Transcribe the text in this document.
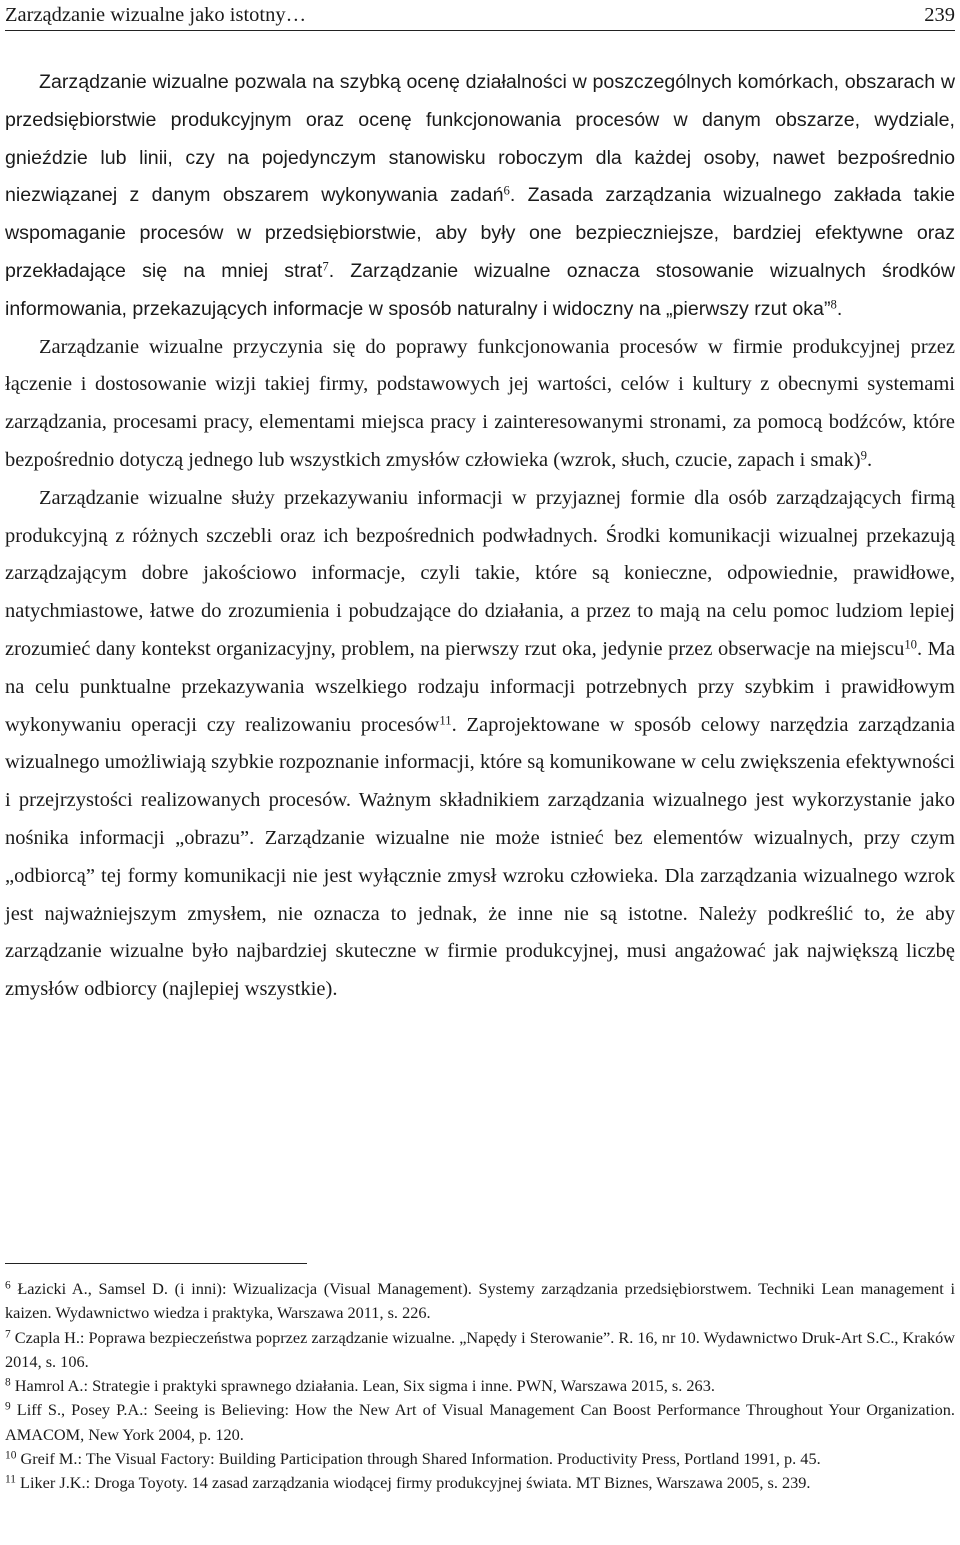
Zarządzanie wizualne jako istotny…	239

Zarządzanie wizualne pozwala na szybką ocenę działalności w poszczególnych komórkach, obszarach w przedsiębiorstwie produkcyjnym oraz ocenę funkcjonowania procesów w danym obszarze, wydziale, gnieździe lub linii, czy na pojedynczym stanowisku roboczym dla każdej osoby, nawet bezpośrednio niezwiązanej z danym obszarem wykonywania zadań$^6$. Zasada zarządzania wizualnego zakłada takie wspomaganie procesów w przedsiębiorstwie, aby były one bezpieczniejsze, bardziej efektywne oraz przekładające się na mniej strat$^7$. Zarządzanie wizualne oznacza stosowanie wizualnych środków informowania, przekazujących informacje w sposób naturalny i widoczny na „pierwszy rzut oka”$^8$.

Zarządzanie wizualne przyczynia się do poprawy funkcjonowania procesów w firmie produkcyjnej przez łączenie i dostosowanie wizji takiej firmy, podstawowych jej wartości, celów i kultury z obecnymi systemami zarządzania, procesami pracy, elementami miejsca pracy i zainteresowanymi stronami, za pomocą bodźców, które bezpośrednio dotyczą jednego lub wszystkich zmysłów człowieka (wzrok, słuch, czucie, zapach i smak)$^9$.

Zarządzanie wizualne służy przekazywaniu informacji w przyjaznej formie dla osób zarządzających firmą produkcyjną z różnych szczebli oraz ich bezpośrednich podwładnych. Środki komunikacji wizualnej przekazują zarządzającym dobre jakościowo informacje, czyli takie, które są konieczne, odpowiednie, prawidłowe, natychmiastowe, łatwe do zrozumienia i pobudzające do działania, a przez to mają na celu pomoc ludziom lepiej zrozumieć dany kontekst organizacyjny, problem, na pierwszy rzut oka, jedynie przez obserwacje na miejscu$^{10}$. Ma na celu punktualne przekazywania wszelkiego rodzaju informacji potrzebnych przy szybkim i prawidłowym wykonywaniu operacji czy realizowaniu procesów$^{11}$. Zaprojektowane w sposób celowy narzędzia zarządzania wizualnego umożliwiają szybkie rozpoznanie informacji, które są komunikowane w celu zwiększenia efektywności i przejrzystości realizowanych procesów. Ważnym składnikiem zarządzania wizualnego jest wykorzystanie jako nośnika informacji „obrazu”. Zarządzanie wizualne nie może istnieć bez elementów wizualnych, przy czym „odbiorcą” tej formy komunikacji nie jest wyłącznie zmysł wzroku człowieka. Dla zarządzania wizualnego wzrok jest najważniejszym zmysłem, nie oznacza to jednak, że inne nie są istotne. Należy podkreślić to, że aby zarządzanie wizualne było najbardziej skuteczne w firmie produkcyjnej, musi angażować jak największą liczbę zmysłów odbiorcy (najlepiej wszystkie).

$^6$ Łazicki A., Samsel D. (i inni): Wizualizacja (Visual Management). Systemy zarządzania przedsiębiorstwem. Techniki Lean management i kaizen. Wydawnictwo wiedza i praktyka, Warszawa 2011, s. 226.

$^7$ Czapla H.: Poprawa bezpieczeństwa poprzez zarządzanie wizualne. „Napędy i Sterowanie”. R. 16, nr 10. Wydawnictwo Druk-Art S.C., Kraków 2014, s. 106.

$^8$ Hamrol A.: Strategie i praktyki sprawnego działania. Lean, Six sigma i inne. PWN, Warszawa 2015, s. 263.

$^9$ Liff S., Posey P.A.: Seeing is Believing: How the New Art of Visual Management Can Boost Performance Throughout Your Organization. AMACOM, New York 2004, p. 120.

$^{10}$ Greif M.: The Visual Factory: Building Participation through Shared Information. Productivity Press, Portland 1991, p. 45.

$^{11}$ Liker J.K.: Droga Toyoty. 14 zasad zarządzania wiodącej firmy produkcyjnej świata. MT Biznes, Warszawa 2005, s. 239.
